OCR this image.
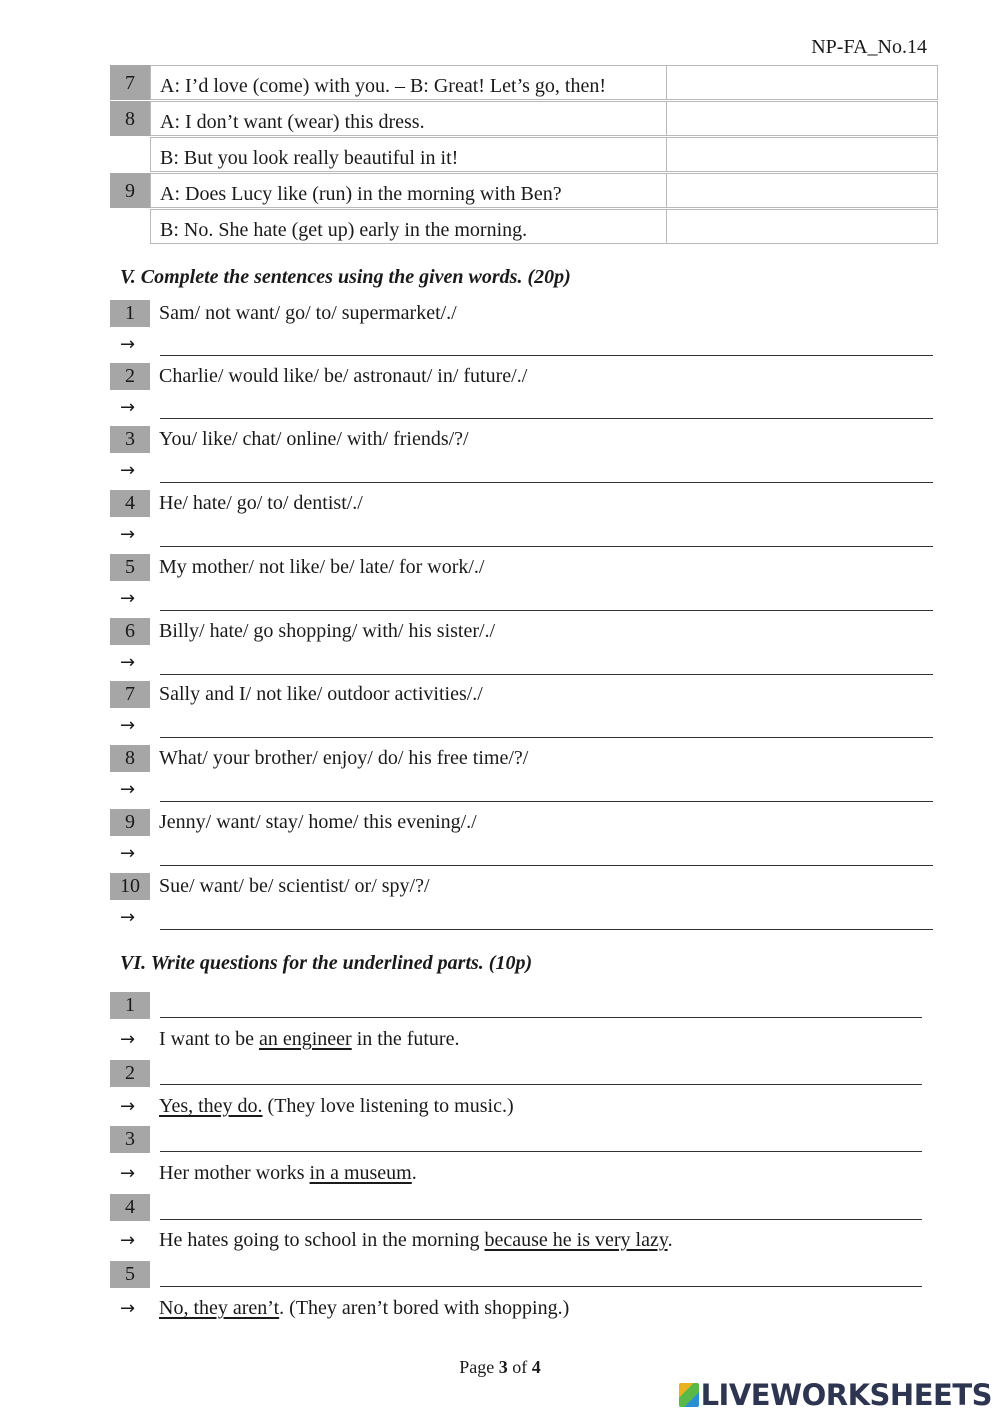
NP-FA_No.14
7	A: I’d love (come) with you. – B: Great! Let’s go, then!
8	A: I don’t want (wear) this dress.
B: But you look really beautiful in it!
9	A: Does Lucy like (run) in the morning with Ben?
B: No. She hate (get up) early in the morning.
V. Complete the sentences using the given words. (20p)
1	Sam/ not want/ go/ to/ supermarket/./
→
2	Charlie/ would like/ be/ astronaut/ in/ future/./
→
3	You/ like/ chat/ online/ with/ friends/?/
→
4	He/ hate/ go/ to/ dentist/./
→
5	My mother/ not like/ be/ late/ for work/./
→
6	Billy/ hate/ go shopping/ with/ his sister/./
→
7	Sally and I/ not like/ outdoor activities/./
→
8	What/ your brother/ enjoy/ do/ his free time/?/
→
9	Jenny/ want/ stay/ home/ this evening/./
→
10 Sue/ want/ be/ scientist/ or/ spy/?/
→
VI. Write questions for the underlined parts. (10p)
1
→ I want to be an engineer in the future.
2
→ Yes, they do. (They love listening to music.)
3
→ Her mother works in a museum.
4
→ He hates going to school in the morning because he is very lazy.
5
→ No, they aren’t. (They aren’t bored with shopping.)
Page 3 of 4
LIVEWORKSHEETS
